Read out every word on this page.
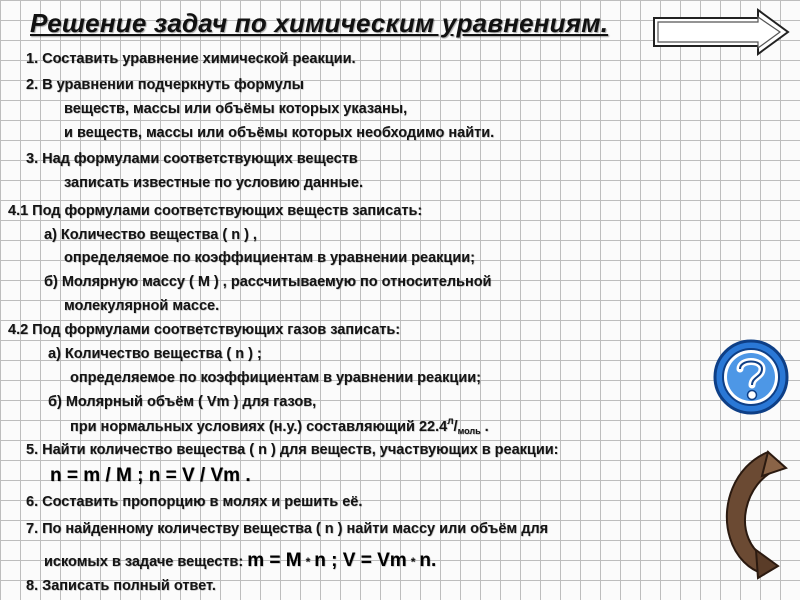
Решение задач по химическим уравнениям.
1. Составить уравнение химической реакции.
2. В уравнении подчеркнуть формулы
веществ, массы или объёмы которых указаны,
и веществ, массы или объёмы которых необходимо найти.
3. Над формулами соответствующих веществ
записать известные по условию данные.
4.1 Под формулами соответствующих веществ записать:
а) Количество вещества ( n ) ,
определяемое по коэффициентам в уравнении реакции;
б) Молярную массу ( М ) , рассчитываемую по относительной
молекулярной массе.
4.2 Под формулами соответствующих газов записать:
а) Количество вещества ( n ) ;
определяемое по коэффициентам в уравнении реакции;
б) Молярный объём ( Vm ) для газов,
при нормальных условиях (н.у.) составляющий $22.4^л/_{моль}$ .
5. Найти количество вещества ( n ) для веществ, участвующих в реакции:
n = m / M ; n = V / Vm .
6. Составить пропорцию в молях и решить её.
7. По найденному количеству вещества ( n ) найти массу или объём для
искомых в задаче веществ: m = M * n ; V = Vm * n.
8. Записать полный ответ.
